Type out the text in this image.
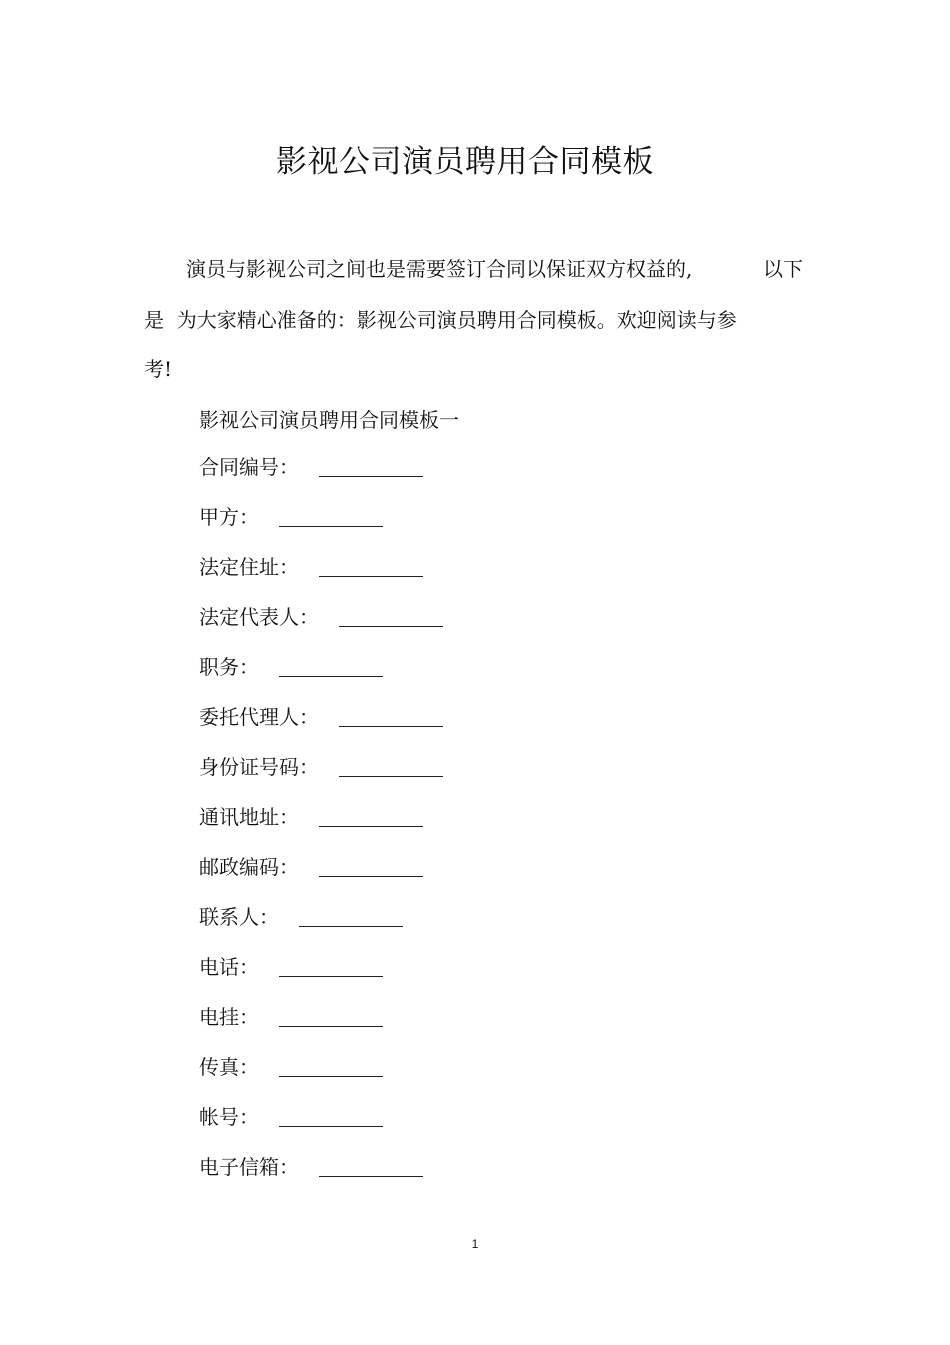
影视公司演员聘用合同模板
演员与影视公司之间也是需要签订合同以保证双方权益的,	以下
是  为大家精心准备的：影视公司演员聘用合同模板。欢迎阅读与参
考!
影视公司演员聘用合同模板一
合同编号：
甲方：
法定住址：
法定代表人：
职务：
委托代理人：
身份证号码：
通讯地址：
邮政编码：
联系人：
电话：
电挂：
传真：
帐号：
电子信箱：
1
